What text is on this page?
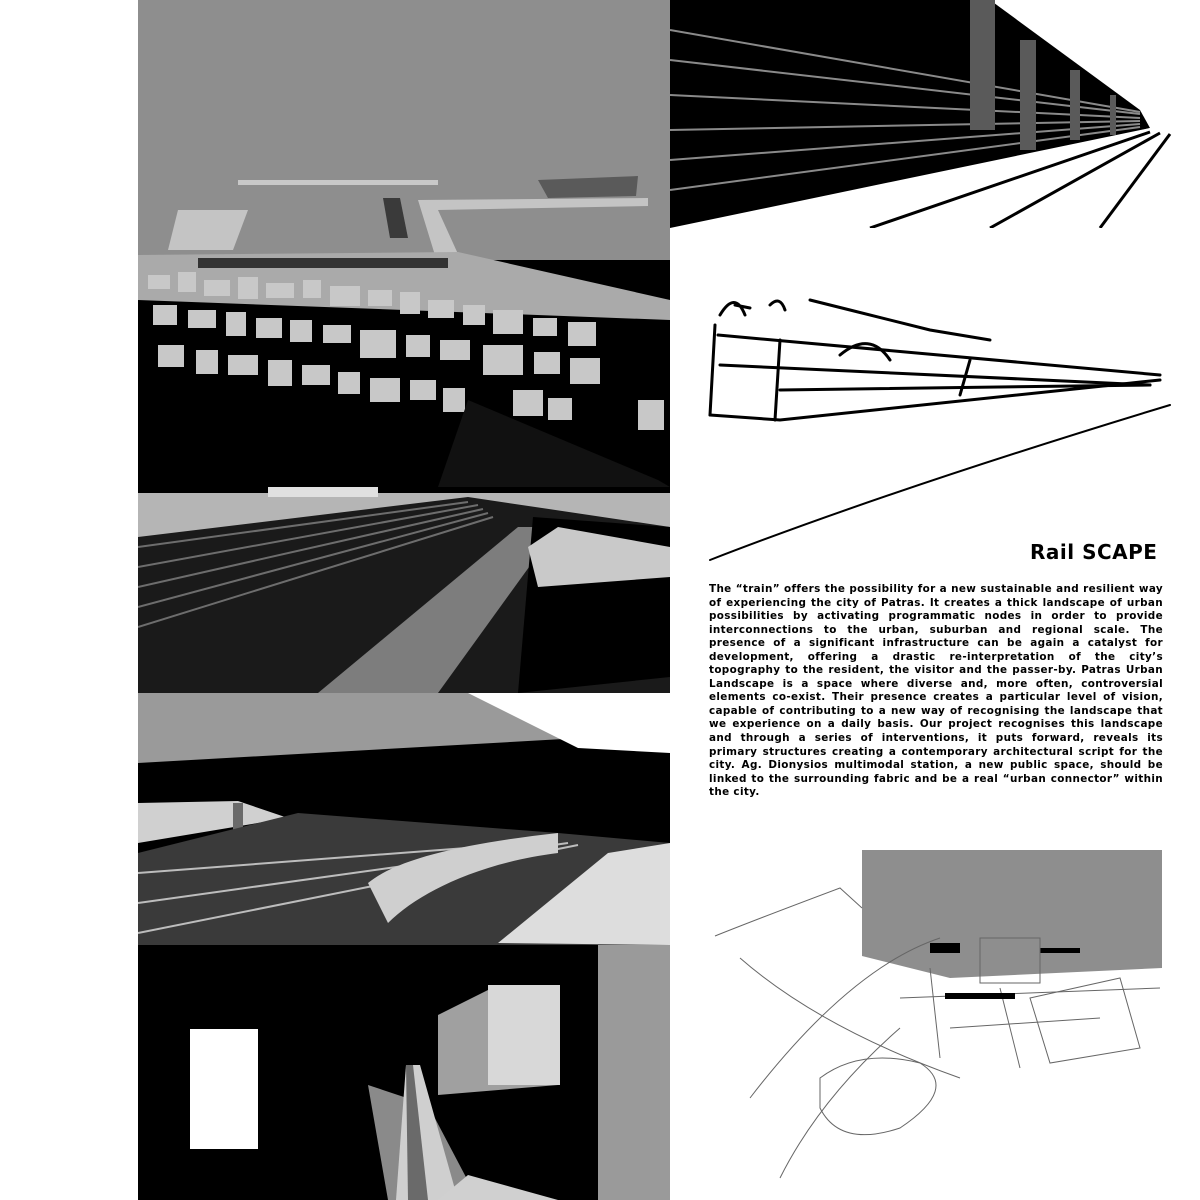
Rail SCAPE

The “train” offers the possibility for a new sustainable and resilient way of experiencing the city of Patras. It creates a thick landscape of urban possibilities by activating programmatic nodes in order to provide interconnections to the urban, suburban and regional scale. The presence of a significant infrastructure can be again a catalyst for development, offering a drastic re-interpretation of the city’s topography to the resident, the visitor and the passer-by. Patras Urban Landscape is a space where diverse and, more often, controversial elements co-exist. Their presence creates a particular level of vision, capable of contributing to a new way of recognising the landscape that we experience on a daily basis. Our project recognises this landscape and through a series of interventions, it puts forward, reveals its primary structures creating a contemporary architectural script for the city. Ag. Dionysios multimodal station, a new public space, should be linked to the surrounding fabric and be a real “urban connector” within the city.
